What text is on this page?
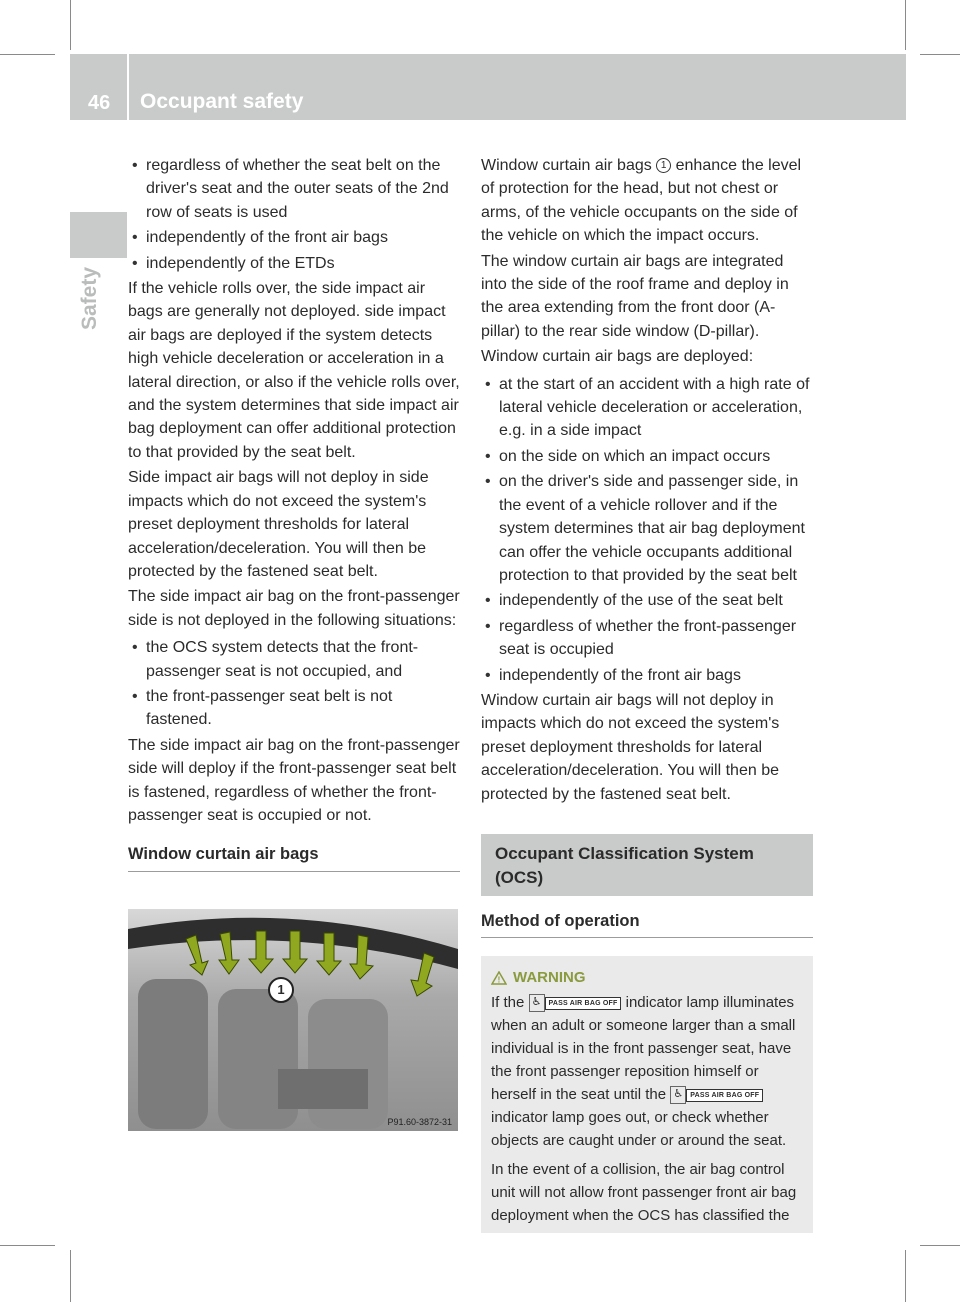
46 Occupant safety
Safety

• regardless of whether the seat belt on the driver's seat and the outer seats of the 2nd row of seats is used

• independently of the front air bags

• independently of the ETDs

If the vehicle rolls over, the side impact air bags are generally not deployed. side impact air bags are deployed if the system detects high vehicle deceleration or acceleration in a lateral direction, or also if the vehicle rolls over, and the system determines that side impact air bag deployment can offer additional protection to that provided by the seat belt.

Side impact air bags will not deploy in side impacts which do not exceed the system's preset deployment thresholds for lateral acceleration/deceleration. You will then be protected by the fastened seat belt.

The side impact air bag on the front-passenger side is not deployed in the following situations:

• the OCS system detects that the front-passenger seat is not occupied, and

• the front-passenger seat belt is not fastened.

The side impact air bag on the front-passenger side will deploy if the front-passenger seat belt is fastened, regardless of whether the front-passenger seat is occupied or not.

Window curtain air bags
1
P91.60-3872-31

Window curtain air bags 1 enhance the level of protection for the head, but not chest or arms, of the vehicle occupants on the side of the vehicle on which the impact occurs.

The window curtain air bags are integrated into the side of the roof frame and deploy in the area extending from the front door (A-pillar) to the rear side window (D-pillar).

Window curtain air bags are deployed:

• at the start of an accident with a high rate of lateral vehicle deceleration or acceleration, e.g. in a side impact

• on the side on which an impact occurs

• on the driver's side and passenger side, in the event of a vehicle rollover and if the system determines that air bag deployment can offer the vehicle occupants additional protection to that provided by the seat belt

• independently of the use of the seat belt

• regardless of whether the front-passenger seat is occupied

• independently of the front air bags

Window curtain air bags will not deploy in impacts which do not exceed the system's preset deployment thresholds for lateral acceleration/deceleration. You will then be protected by the fastened seat belt.

Occupant Classification System (OCS)
Method of operation
! WARNING

If the ♿ PASS AIR BAG OFF indicator lamp illuminates when an adult or someone larger than a small individual is in the front passenger seat, have the front passenger reposition himself or herself in the seat until the ♿ PASS AIR BAG OFF indicator lamp goes out, or check whether objects are caught under or around the seat.

In the event of a collision, the air bag control unit will not allow front passenger front air bag deployment when the OCS has classified the
